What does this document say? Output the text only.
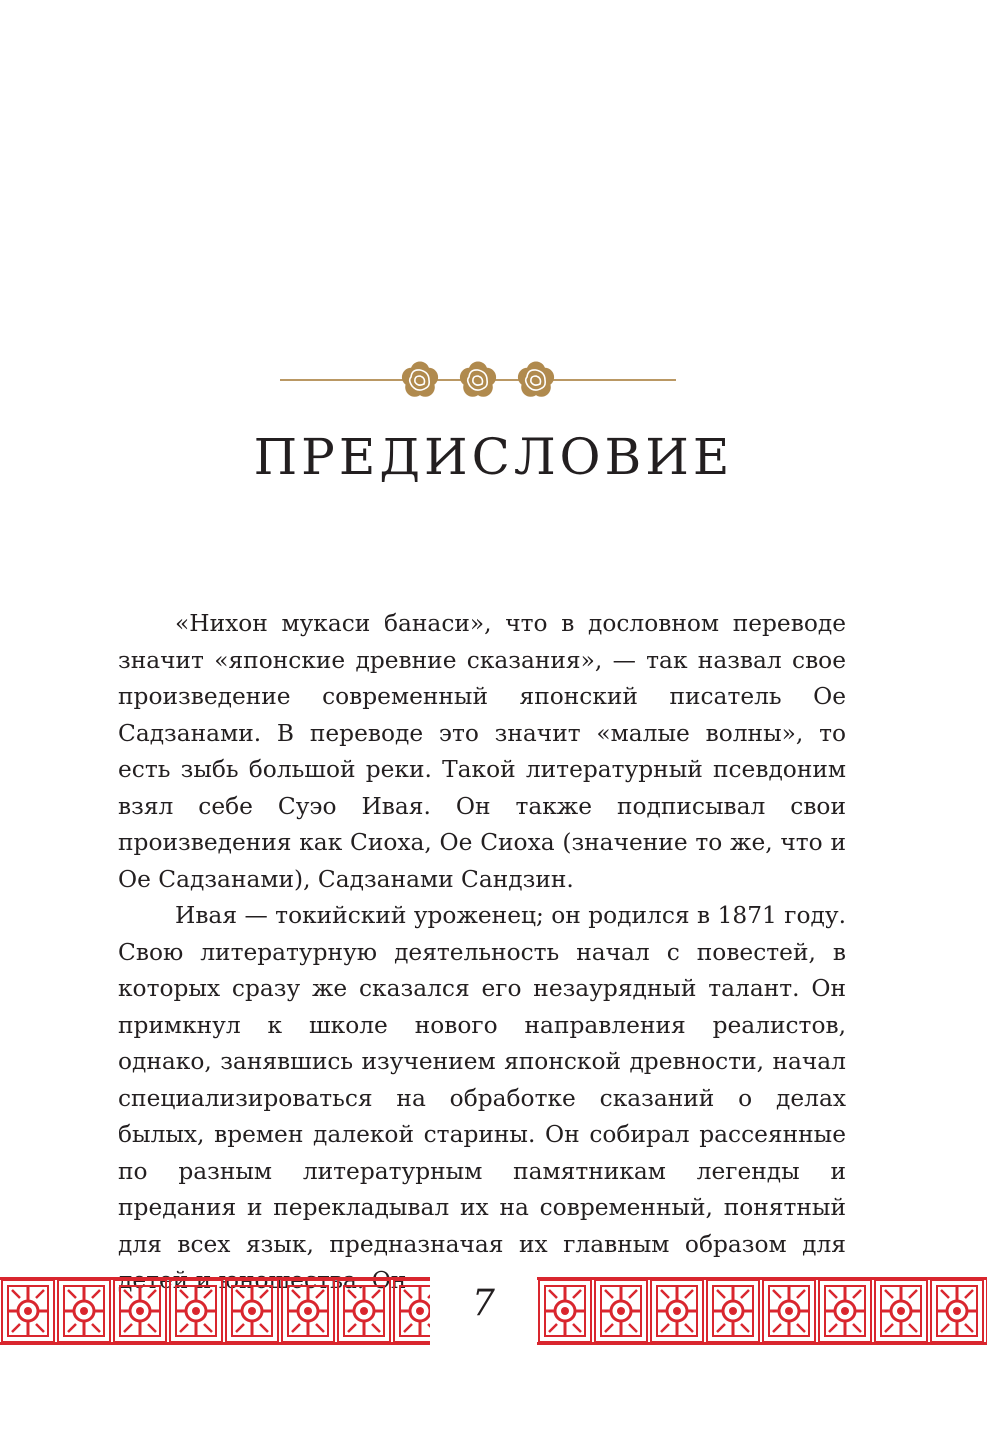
ПРЕДИСЛОВИЕ

«Нихон мукаси банаси», что в дословном переводе значит «японские древние сказания», — так назвал свое произведение современный японский писатель Ое Садзанами. В переводе это значит «малые волны», то есть зыбь большой реки. Такой литературный псевдоним взял себе Суэо Ивая. Он также подписывал свои произведения как Сиоха, Ое Сиоха (значение то же, что и Ое Садзанами), Садзанами Сандзин.

Ивая — токийский уроженец; он родился в 1871 году. Свою литературную деятельность начал с повестей, в которых сразу же сказался его незаурядный талант. Он примкнул к школе нового направления реалистов, однако, занявшись изучением японской древности, начал специализироваться на обработке сказаний о делах былых, времен далекой старины. Он собирал рассеянные по разным литературным памятникам легенды и предания и перекладывал их на современный, понятный для всех язык, предназначая их главным образом для

7
